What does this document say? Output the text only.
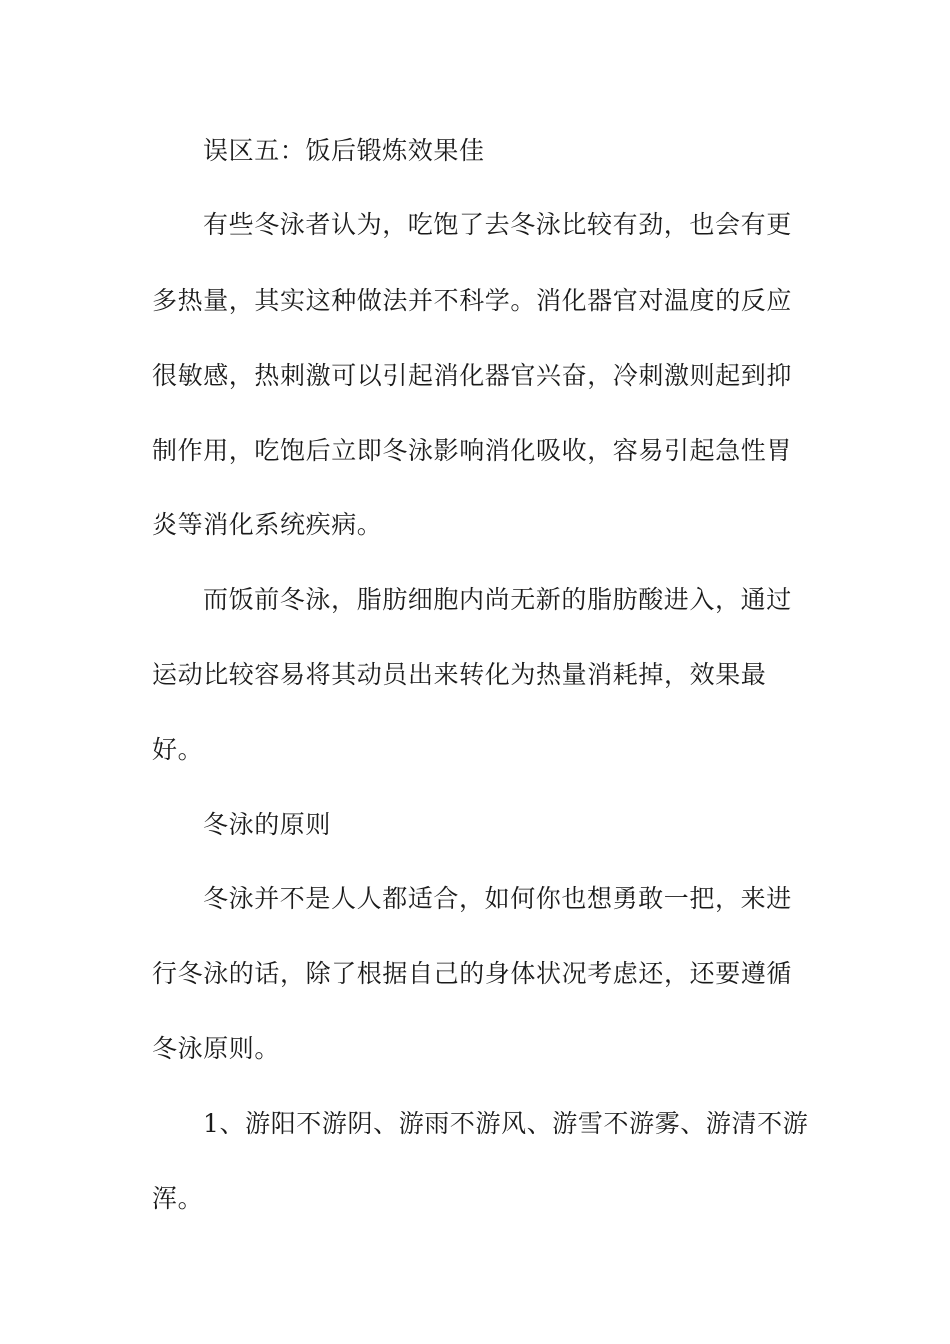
误区五：饭后锻炼效果佳
有些冬泳者认为，吃饱了去冬泳比较有劲，也会有更
多热量，其实这种做法并不科学。消化器官对温度的反应
很敏感，热刺激可以引起消化器官兴奋，冷刺激则起到抑
制作用，吃饱后立即冬泳影响消化吸收，容易引起急性胃
炎等消化系统疾病。
而饭前冬泳，脂肪细胞内尚无新的脂肪酸进入，通过
运动比较容易将其动员出来转化为热量消耗掉，效果最
好。
冬泳的原则
冬泳并不是人人都适合，如何你也想勇敢一把，来进
行冬泳的话，除了根据自己的身体状况考虑还，还要遵循
冬泳原则。
1、游阳不游阴、游雨不游风、游雪不游雾、游清不游
浑。
